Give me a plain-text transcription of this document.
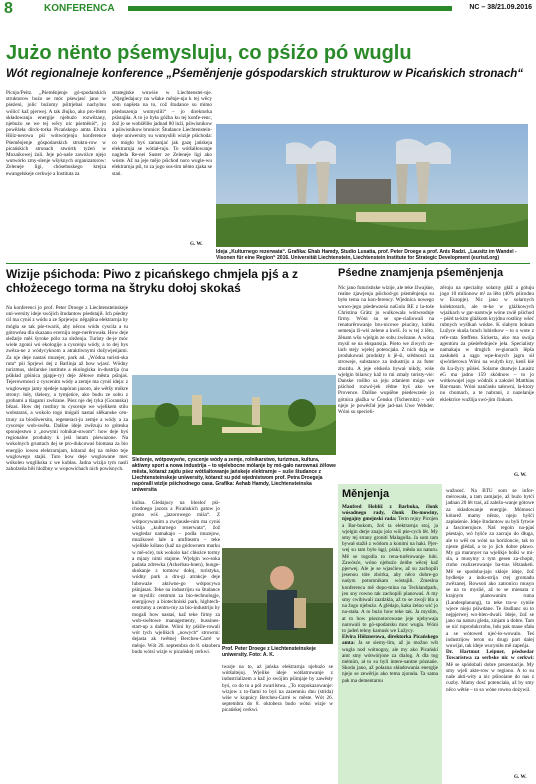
8	KONFERENCA	NC – 38/21.09.2016
Jużo nënto pśemysluju, co pśiźo pó wuglu
Wót regionalneje konference „Pśeměnjenje góspodarskich strukturow w Picańskich stronach“
Picnjo/Peitz. „Pśeměnjenje gó-spodarskich strukturow buźo se móc pśewjasć jano w pśeźeni, jolic buźomy pśitrjebaś nachylnu wólicć kaž pjerwej. A tak źłujko, ako pro-blem składowanja energije njebuźo rozwězany, njebuźo se we tej wěcy nic pśeměniś“, jo powěźeła dirck-torka Picańskego amta Elvira Hölz-nerowa pśi wótwórjenju konference Pśeměnjenje góspodarskich struktu-row w picańskich stronach stwórtk tyźeń w Mozaikowej źuli. Jeje pó-naše zawóżce njejo wutwórło zmy-slenje wšyknych organizatorow: Zeleneje ligi, chósebuskego krejza ewangelskeje cerkwje a Instituta za
strategiske wuwiśe w Liechtenstei-nje. „Njegledajucy na wšake měnje-nja k tej wěcy som napšeta na to, což študance su mimo pśeduszenja wumyslili“ – jo direktorka pśistajiła. A to jo była góźba ku tej konfe-renc, źož jo se wobźěliło jadnad 80 luźi, pśiwisnikow a pśiwisnikow brunice: Študance Liechtenstein-skeje uniwersity su wumysliłi wizije pśichoda: co mógło byś zamanjać jak gazę jańskeja elektrarnja se wótiał-tujo. To wótšalłowanje nagleda Re-nei Suster ze Zeleneje ligi ako wóste. Až na jeje mějo pśichod noro wugle-wu elektrarnja pśi, to za jogo sus-tim něnto zjaka se stań.
G. W.
Ideja „Kulturnego rezerwata“. Grafika: Ehab Hamdy, Studio Lusatia, prof. Peter Droege a prof. Anis Radzi. „Lausitz im Wandel - Visonen für eine Region“ 2016. Universität Liechtenstein, Liechtenstein Institute for Strategic Development (eurisd.org)
Wizije pśichoda: Piwo z picańskego chmjela pjś a z chłożecego torma na štryku dołoj skokaś
Na konferenci jo prof. Peter Droege z Liechtensteinskeje uni-wersity ideje swójich študantow pśedstajił. Ich pśedny cil ma cyniś z wódu a ze Sprjewju: něgajšna elektrarnja by mógła se tak pśe-twariś, aby něcou wódu cyscila a tu gótowńea dla skazanu ecerniju rege-nerěrowała. How deje sležarje měś šyroke pólo za sleženja. Turisty de-je móc wiele zgonii wó ekologije a cyscenju wódy, a to dej bys zwěza-ne z wódycyknom a atraktiwnymi dožywjeńjami. Za nje deje nastaś muzejer, park ad. „Wódna turisti-ska ruta“ pśi Sprjewi dej z Barlinja až how wjasć. Wódny turizmus, sležarske institute a ekologiska in-dustrija (na pśikład góśnica pjapje-ry) deje źěłowe města pśinjaś. Tejerowmoscі z cyscenim wódy a zemje ma cyniś ideja: z wuglowego jamy njedeje napóran jazoro, ale wětšy mókre strony: łuły, tšeleny, a tymjeńce, ako budu ze sobu z grobami a tšagami zwězane. Pśez nje dej tyka (Goranska) bězaś. How dej rostliny tu cyscenje we wjelikem stilu wobstaraś, a wokolo togo mógali nastaś slěkanske cen-truny za biodiwersita, regeneraci-ju zemje a wódy a za cyscenje wob-swěta. Dalšne ideje zwězuju to góteska sponsjestwo z „nowymi rolnikat-stwom“: how deje byś regionalne produkty k jeśi lutam pśewazone. Na wokolnych gruntach dej se pro-dukcowaś biomasa za bio energijo iowea elektrarnjam, kótaraź dej na město teje wuglowego stajiś. Tuto how deje wuglowane mec wókoleu wuglikska z we kubłas. Jadna wizija tym nasli zaholzeńa biłi hložbny w wopowichach nich powisnych.
Sleženje, wótpowyeńe, cyscenje wódy a zemje, rolnikarstwo, turizmus, kultura, aktiwny sport a nowa industrija – to wjelebocne mólanje by mó-gało narownaś źělowe města, kótaraź zajdu pśez wótšaltowanje jańskeje elektrarnje – suše študance z Liechtensteinskeje uniwersity, kótarež su pód wjednistwom prof. Petra Droegeja napóraili wizije pśichodnego casa. Grafika: Aehab Hamdy, Liechtensteinska uniwersita
kulisa. Gledajucy na blosłoć pśi-chodnego jazora a Picańskich gatow jo grono wiś „jazorowego miśa“. Z wótpocywanim a zwrjausłe-nim ma cyniś wizija „kulturnego rezerwata“, žož wogledar namakajo – podla muzejow, muzikowé lale a amfiteatra – teke wjelikłe kólaso (kaž na gódownem marku w mě-sće), tuk wokolo kać chłożce tormy a mjazy nimi stajone. Wjelgin wo-soka padaśa zdrewka (Ackerbau-hnen), bunge-skokanje z tormow dołoj, turistyka, wódny park a dru-gi atrakcje deje luboważe aktiwne-go wótpocywa pśinjasaś. Teke na industrijsu su študance se myslili: centrum za bio-technologje, energijowy a biotechniski park, hightech-centrumy a centru-my za bio-industriju by mogali how nastaś, kaž teke firmy za wob-swětowe managementy, bussines-start-up a dalšne. Wóni by pśiśle-rowali wót tych wjelikich „nowych“ strowmi: dejasta ak twětnej Bercheu-Carré w ménje. Wót 26. septembra do 8. oktobera budo wótsí wizje w picańskej cerkwi.	Prof. Peter Droege z Liechtensteinskeje uniwersity. Foto: A. K.
twarje na to, aż jańska elektrarnja njebuźo se wótšaltejoj. Wjelike ideje wótšatrowanje z industrializem a kaž jo swójim pśimjaje by zawěsły byś, co do to a pól zwarilstwa. „To rozpokazowanje: wizjow z to-fiami to byś na zazemniu dnu (strida) wiśe w kupnicy Bercheu-Carré w měste. Wót 26. septembra do 8. oktobera budo wótsi wizje w picańskej cerkwi.
Pśedne znamjenja pśeměnjenja
Nic jano futuristiske wizije, ale teke žiwajśne, realne zjawjenja pśichod-go pśeměnjenja su było tema na kon-ferency. Wjednica nowego wuwo-jego pśedewześa naGola RE z la-tośe Christina Grätz jo wulkowala wótwsodnje firmy. Wóni su se spe-cialiowali na renaturěrowanje bru-nicowe pśuciny, kubłu semenja ži-wiś zelene a kwiš. Jo w tej z lěto, žěnam wšo wjelgin ze sobu zwězane. A wóna myslí se na ekspansija. Pśeto we źiwych ze-lach stejy wjelej potencjała. Z nich dają se produkowaś produkty k jě-śi, srědnosci za stroweje, substance za industriju a za futer zbożdu. A jeje elskeńa bywał nikdy, wiśe wjelgin bilarscy kaž to mi zmaly turisty-vie: Danske roślbo sa jeju zdaniem mógu we pśichod rozwó-jek rědne byś ako we Provence. Dalšne wupśěne pśedewześe jo gótnica głažka w Čensku (Tschernitz) – wót njejo je powěďał jeje jad-naś Uwe Wehder. Wóni su specieli-
zěruju na specialny solarny głáž a gótuju jogo 10 milionow m² za lěto (40% pśirodnu w Europje). Nic jano w solarnych kolektorach, ale te-ke w gláźkowych wjażkach w gar-narstwje wóne zwiě pśichod – pśéd ta-kim gláźkom kryjdnu rostliny wšeć rubnych wyślkań wódze. K slabym bohum Lužyce skuša brach lubistkow – to o wote z refe-rata Steffens Sickerta, ako ma swója agentúru za pśeśeřednjeće jeła. Specialisty namakaju w druglch re-gionach lěpša zasłuhéń a sągu wpe-łnoych jagru sił sjwórńerowa Wóni na wulyth kry, kenš kié do Łu-žycy pśiśeś. Solarne dnatwje Lausitz eG ma jadno 159 skódnow – to jo wótkowajel jogo wódnik a założel Matthias Bar-mann. Wóni nančasłu sałowni, la-ktory nu chomach, a te nabrani, z nazelanije eklektrice wužlija swó-jim činkam.
G. W.
Měnjenja
Manfred Hoblíž z Barbuka, člonk wósadnego rady, člonk Do-mowiny, njegajny gmejnski rada: Term rejny Picnjen a Bar-bukom, žoš ta elektrarnja stoj, ja wjelgin derje znaju jolo wiš pśe-cych lět. My smy tej strany groniti Malagolla. Ja som tam bywał stažił z wódom a konimi na haki. Pjer-wej su tam było łągi, pśski, měsła na naturu. Mě se togodla to rena-turěrowanje lubi. Zawósće, wóno njebuźo źeńbe wěcej kaž pjerwej. Ale je se wjasćiew, až su zachopili jesenou tóte zbórka, aby něco dobre-go naśym potomnikam wóstajiłi. Zmeslna konferenca mě dopo-mina na Tecklandpark, jen sny rowno tak zachopili planowaś. A my smy cwibiwali zazdzkla, až to se zwoji bla a na žogo njebuźo. A glédajo, kaka źelno wić jo na-stała. A to buźo how teke tak. Ja myslim, at to how pśeznotorowane jeje njebywaja narowali to gó-spodarsku moc wugla. Wóni to jadeń tebny kamusk we Lužycy.
Elvira Hölznerowa, direktorka Picańskego amta: Ja se siemy-lim, až jo možno wšt wugla nod wótnogny, ale my ako Picańskí amt smy wótwórjone za dialog. A dla tog mémim, ał to su byli intere-santne póznańe. Skoda jano, až połazna składowania energije njejo se zewěrijo ako tema zjonuła. Ta sama pak ma dementarnu
wažnosć. Na BTU som se infor-mérowała, a tam zamjarje, až buźo bytći jadnan 20 lět traś, až zaležo-wanje gótowe za składowanje energije. Mómosci kótarež mamy něnto, njeju hyšći zapłaśenie. Ideje študantow su byli fytwie a fascinerujuce. Naš regoin na-pjaś pśestajo, wó hyšće za zacraju do długa, ale to wěš ou wóni na horiźoncie, tak to njeste glédaš, a to jo jich dobre pławo. My ga maranyer na wjelikje bolki w mi-sla, a musymy z tym gesen za-chopit, ctoho realizerowanje ba-tras lětzasketi. Mě se spodoba-jaju skłoje ideje, žož bydlenje a indu-strija ctej gromadu zwězanej. Rowsoń ako zatronicu musyn se na to myslié, až to se mienata z krajnym planowanim ruma (Landesplanung), ta teke tra-w cyniśe wjece nieju pśiwdane. Te študlanc su to nejpjerwej wo-blen-dwali. Ideje, žož se jano na naturu gleda, zinjam a dobre. Tam se nić ruprodukcrobu, bdu pak maue sfała a se wótowed njeć-ło-wowalo. Teś industrijow teron su drugi part dalej wuwijai, tak ideje wucyniłu mě zapeńja.
Dr. Hartmut Leipner, pśedsedar Towaristwa za serbske nic w cerkwi: Mě se spódobali dobre prezentacije. My smy wjeli akte-row w regiono. A to su naše akti-wity a nic pśinoiane do nas z cuzby. Mamy dosć potenciała, až by smy něco wětśe – to so wóne rowno dożywil.
G. W.
